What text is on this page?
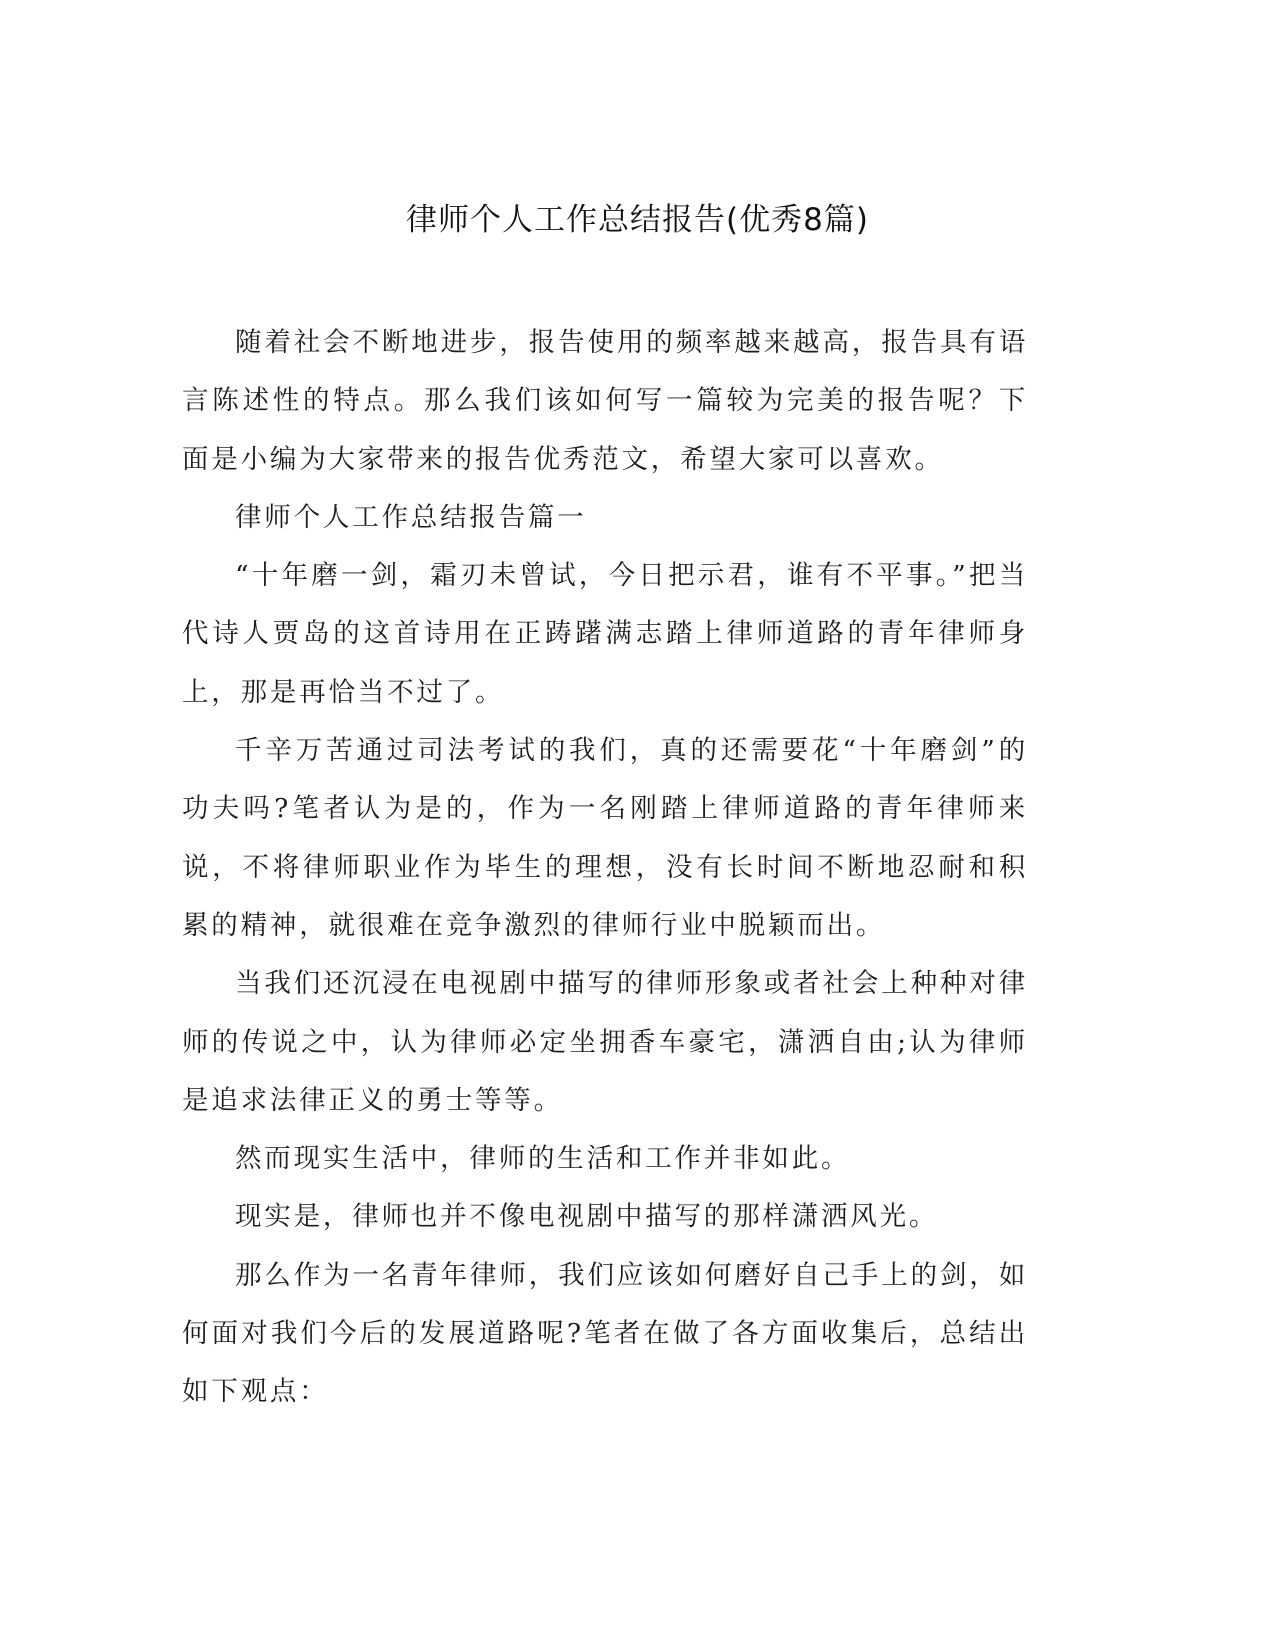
律师个人工作总结报告(优秀8篇)

随着社会不断地进步，报告使用的频率越来越高，报告具有语言陈述性的特点。那么我们该如何写一篇较为完美的报告呢？下面是小编为大家带来的报告优秀范文，希望大家可以喜欢。

律师个人工作总结报告篇一

“十年磨一剑，霜刃未曾试，今日把示君，谁有不平事。”把当代诗人贾岛的这首诗用在正踌躇满志踏上律师道路的青年律师身上，那是再恰当不过了。

千辛万苦通过司法考试的我们，真的还需要花“十年磨剑”的功夫吗?笔者认为是的，作为一名刚踏上律师道路的青年律师来说，不将律师职业作为毕生的理想，没有长时间不断地忍耐和积累的精神，就很难在竞争激烈的律师行业中脱颖而出。

当我们还沉浸在电视剧中描写的律师形象或者社会上种种对律师的传说之中，认为律师必定坐拥香车豪宅，潇洒自由;认为律师是追求法律正义的勇士等等。

然而现实生活中，律师的生活和工作并非如此。

现实是，律师也并不像电视剧中描写的那样潇洒风光。

那么作为一名青年律师，我们应该如何磨好自己手上的剑，如何面对我们今后的发展道路呢?笔者在做了各方面收集后，总结出如下观点：
